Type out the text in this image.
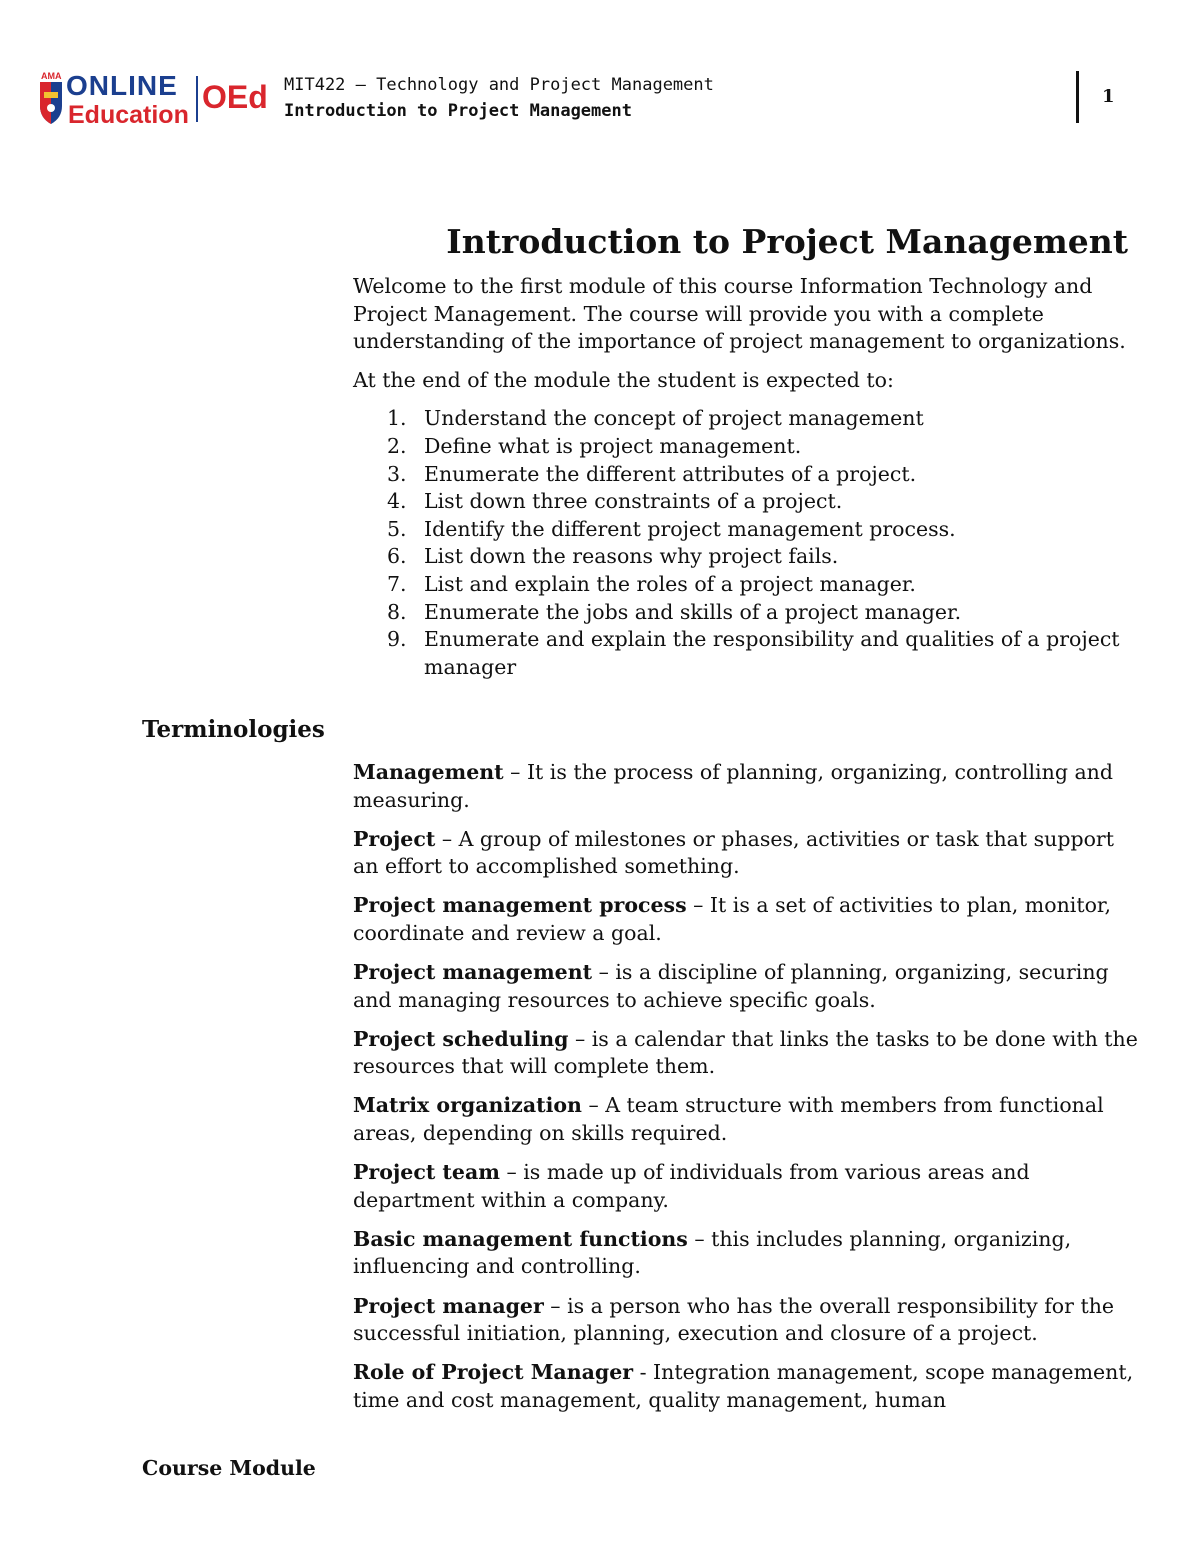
AMA ONLINE
Education OEd MIT422 – Technology and Project Management
Introduction to Project Management
1
Introduction to Project Management

Welcome to the first module of this course Information Technology and Project Management. The course will provide you with a complete understanding of the importance of project management to organizations.

At the end of the module the student is expected to:

1. Understand the concept of project management
2. Define what is project management.
3. Enumerate the different attributes of a project.
4. List down three constraints of a project.
5. Identify the different project management process.
6. List down the reasons why project fails.
7. List and explain the roles of a project manager.
8. Enumerate the jobs and skills of a project manager.
9. Enumerate and explain the responsibility and qualities of a project manager
Terminologies

Management – It is the process of planning, organizing, controlling and measuring.

Project – A group of milestones or phases, activities or task that support an effort to accomplished something.

Project management process – It is a set of activities to plan, monitor, coordinate and review a goal.

Project management – is a discipline of planning, organizing, securing and managing resources to achieve specific goals.

Project scheduling – is a calendar that links the tasks to be done with the resources that will complete them.

Matrix organization – A team structure with members from functional areas, depending on skills required.

Project team – is made up of individuals from various areas and department within a company.

Basic management functions – this includes planning, organizing, influencing and controlling.

Project manager – is a person who has the overall responsibility for the successful initiation, planning, execution and closure of a project.

Role of Project Manager - Integration management, scope management, time and cost management, quality management, human

Course Module
